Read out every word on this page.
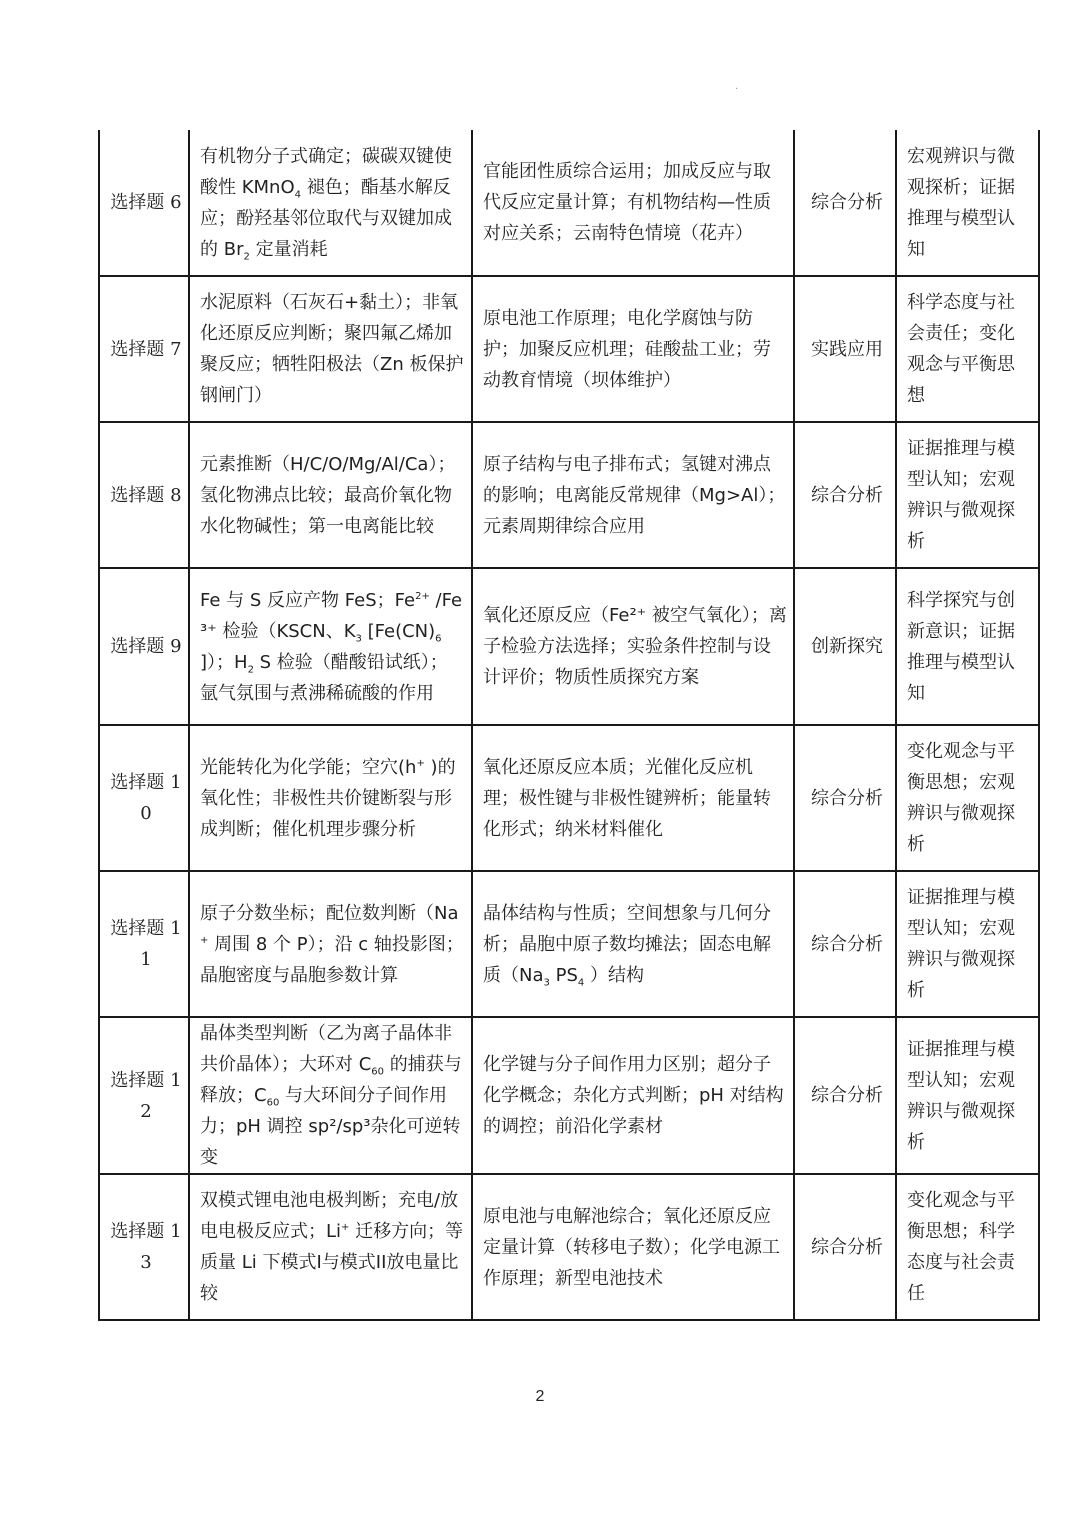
·
选择题 6	有机物分子式确定；碳碳双键使酸性 KMnO$_4$ 褪色；酯基水解反应；酚羟基邻位取代与双键加成的 $Br_2$ 定量消耗	官能团性质综合运用；加成反应与取代反应定量计算；有机物结构—性质对应关系；云南特色情境（花卉）	综合分析	宏观辨识与微观探析；证据推理与模型认知
选择题 7	水泥原料（石灰石+黏土）；非氧化还原反应判断；聚四氟乙烯加聚反应；牺牲阳极法（Zn 板保护钢闸门）	原电池工作原理；电化学腐蚀与防护；加聚反应机理；硅酸盐工业；劳动教育情境（坝体维护）	实践应用	科学态度与社会责任；变化观念与平衡思想
选择题 8	元素推断（H/C/O/Mg/Al/Ca）；氢化物沸点比较；最高价氧化物水化物碱性；第一电离能比较	原子结构与电子排布式；氢键对沸点的影响；电离能反常规律（Mg>Al）；元素周期律综合应用	综合分析	证据推理与模型认知；宏观辨识与微观探析
选择题 9	Fe 与 S 反应产物 FeS；$Fe^{2+}$ /Fe³⁺ 检验（KSCN、$K_3$ [$Fe(CN)_6$ ]）；$H_2$ S 检验（醋酸铅试纸）；氩气氛围与煮沸稀硫酸的作用	氧化还原反应（Fe²⁺ 被空气氧化）；离子检验方法选择；实验条件控制与设计评价；物质性质探究方案	创新探究	科学探究与创新意识；证据推理与模型认知
选择题 10	光能转化为化学能；空穴(h+ )的氧化性；非极性共价键断裂与形成判断；催化机理步骤分析	氧化还原反应本质；光催化反应机理；极性键与非极性键辨析；能量转化形式；纳米材料催化	综合分析	变化观念与平衡思想；宏观辨识与微观探析
选择题 11	原子分数坐标；配位数判断（Na+ 周围 8 个 P）；沿 c 轴投影图；晶胞密度与晶胞参数计算	晶体结构与性质；空间想象与几何分析；晶胞中原子数均摊法；固态电解质（$Na_3$ $PS_4$ ）结构	综合分析	证据推理与模型认知；宏观辨识与微观探析
选择题 12	晶体类型判断（乙为离子晶体非共价晶体）；大环对 $C_{60}$ 的捕获与释放；$C_{60}$ 与大环间分子间作用力；pH 调控 sp²/sp³杂化可逆转变	化学键与分子间作用力区别；超分子化学概念；杂化方式判断；pH 对结构的调控；前沿化学素材	综合分析	证据推理与模型认知；宏观辨识与微观探析
选择题 13	双模式锂电池电极判断；充电/放电电极反应式；Li+ 迁移方向；等质量 Li 下模式I与模式II放电量比较	原电池与电解池综合；氧化还原反应定量计算（转移电子数）；化学电源工作原理；新型电池技术	综合分析	变化观念与平衡思想；科学态度与社会责任
2
